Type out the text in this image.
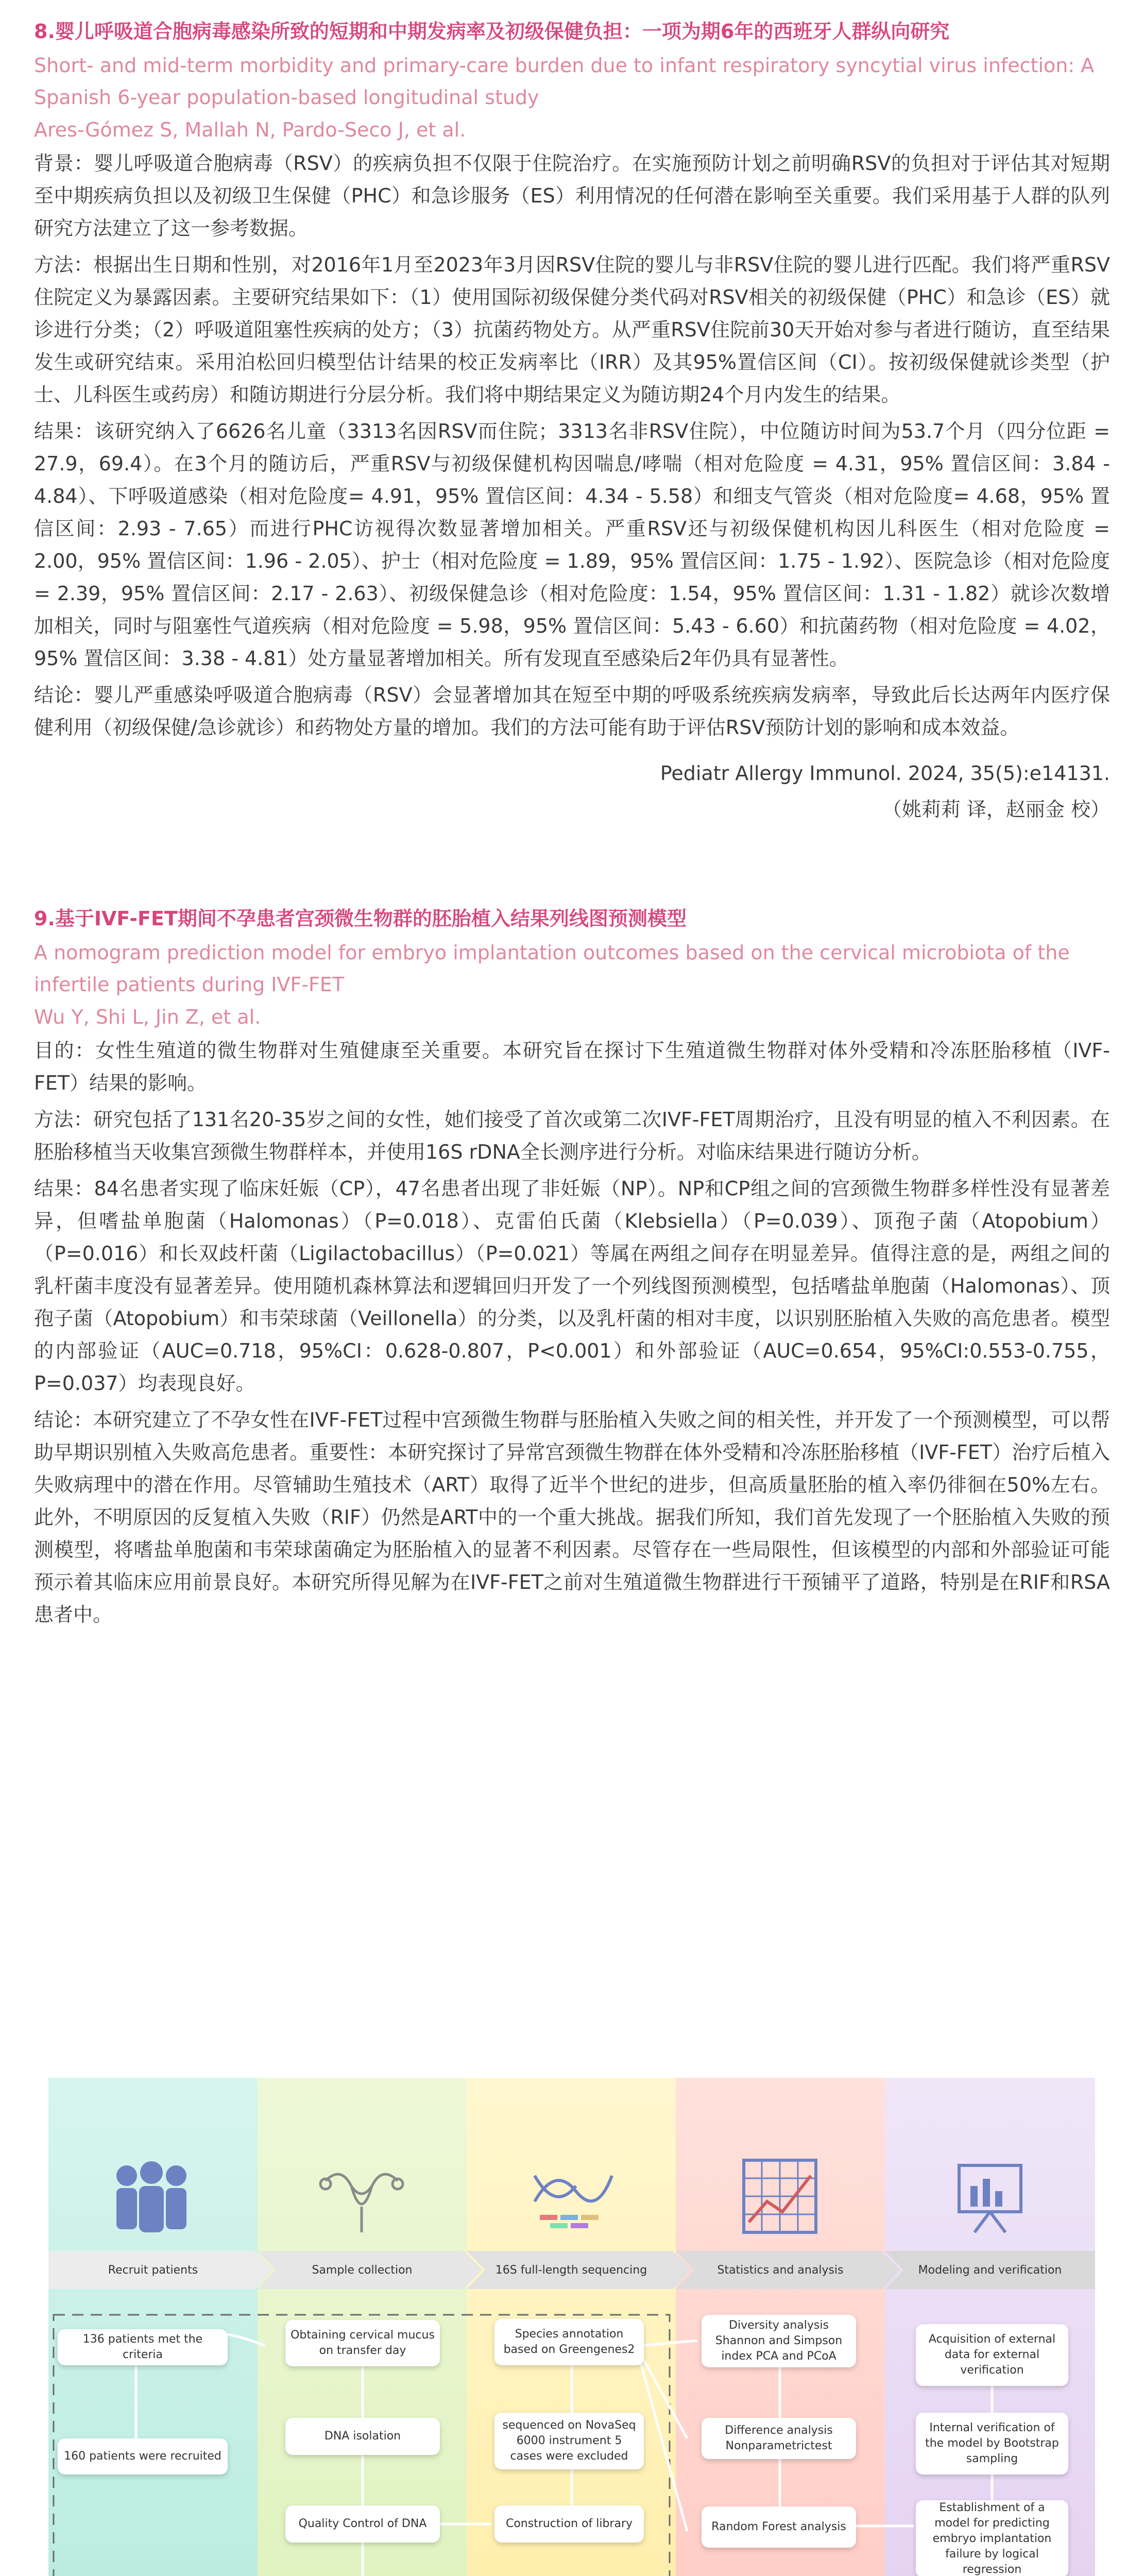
8.婴儿呼吸道合胞病毒感染所致的短期和中期发病率及初级保健负担：一项为期6年的西班牙人群纵向研究

Short- and mid-term morbidity and primary-care burden due to infant respiratory syncytial virus infection: A Spanish 6-year population-based longitudinal study

Ares-Gómez S, Mallah N, Pardo-Seco J, et al.

背景：婴儿呼吸道合胞病毒（RSV）的疾病负担不仅限于住院治疗。在实施预防计划之前明确RSV的负担对于评估其对短期至中期疾病负担以及初级卫生保健（PHC）和急诊服务（ES）利用情况的任何潜在影响至关重要。我们采用基于人群的队列研究方法建立了这一参考数据。

方法：根据出生日期和性别，对2016年1月至2023年3月因RSV住院的婴儿与非RSV住院的婴儿进行匹配。我们将严重RSV住院定义为暴露因素。主要研究结果如下：（1）使用国际初级保健分类代码对RSV相关的初级保健（PHC）和急诊（ES）就诊进行分类；（2）呼吸道阻塞性疾病的处方；（3）抗菌药物处方。从严重RSV住院前30天开始对参与者进行随访，直至结果发生或研究结束。采用泊松回归模型估计结果的校正发病率比（IRR）及其95%置信区间（CI）。按初级保健就诊类型（护士、儿科医生或药房）和随访期进行分层分析。我们将中期结果定义为随访期24个月内发生的结果。

结果：该研究纳入了6626名儿童（3313名因RSV而住院；3313名非RSV住院），中位随访时间为53.7个月（四分位距 = 27.9，69.4）。在3个月的随访后，严重RSV与初级保健机构因喘息/哮喘（相对危险度 = 4.31，95% 置信区间：3.84 - 4.84）、下呼吸道感染（相对危险度= 4.91，95% 置信区间：4.34 - 5.58）和细支气管炎（相对危险度= 4.68，95% 置信区间：2.93 - 7.65）而进行PHC访视得次数显著增加相关。严重RSV还与初级保健机构因儿科医生（相对危险度 = 2.00，95% 置信区间：1.96 - 2.05）、护士（相对危险度 = 1.89，95% 置信区间：1.75 - 1.92）、医院急诊（相对危险度 = 2.39，95% 置信区间：2.17 - 2.63）、初级保健急诊（相对危险度：1.54，95% 置信区间：1.31 - 1.82）就诊次数增加相关，同时与阻塞性气道疾病（相对危险度 = 5.98，95% 置信区间：5.43 - 6.60）和抗菌药物（相对危险度 = 4.02，95% 置信区间：3.38 - 4.81）处方量显著增加相关。所有发现直至感染后2年仍具有显著性。

结论：婴儿严重感染呼吸道合胞病毒（RSV）会显著增加其在短至中期的呼吸系统疾病发病率，导致此后长达两年内医疗保健利用（初级保健/急诊就诊）和药物处方量的增加。我们的方法可能有助于评估RSV预防计划的影响和成本效益。

Pediatr Allergy Immunol. 2024, 35(5):e14131.

（姚莉莉 译，赵丽金 校）

9.基于IVF-FET期间不孕患者宫颈微生物群的胚胎植入结果列线图预测模型

A nomogram prediction model for embryo implantation outcomes based on the cervical microbiota of the infertile patients during IVF-FET

Wu Y, Shi L, Jin Z, et al.

目的：女性生殖道的微生物群对生殖健康至关重要。本研究旨在探讨下生殖道微生物群对体外受精和冷冻胚胎移植（IVF-FET）结果的影响。

方法：研究包括了131名20-35岁之间的女性，她们接受了首次或第二次IVF-FET周期治疗，且没有明显的植入不利因素。在胚胎移植当天收集宫颈微生物群样本，并使用16S rDNA全长测序进行分析。对临床结果进行随访分析。

结果：84名患者实现了临床妊娠（CP），47名患者出现了非妊娠（NP）。NP和CP组之间的宫颈微生物群多样性没有显著差异，但嗜盐单胞菌（Halomonas）（P=0.018）、克雷伯氏菌（Klebsiella）（P=0.039）、顶孢子菌（Atopobium）（P=0.016）和长双歧杆菌（Ligilactobacillus）（P=0.021）等属在两组之间存在明显差异。值得注意的是，两组之间的乳杆菌丰度没有显著差异。使用随机森林算法和逻辑回归开发了一个列线图预测模型，包括嗜盐单胞菌（Halomonas）、顶孢子菌（Atopobium）和韦荣球菌（Veillonella）的分类，以及乳杆菌的相对丰度，以识别胚胎植入失败的高危患者。模型的内部验证（AUC=0.718，95%CI：0.628-0.807，P<0.001）和外部验证（AUC=0.654，95%CI:0.553-0.755，P=0.037）均表现良好。

结论：本研究建立了不孕女性在IVF-FET过程中宫颈微生物群与胚胎植入失败之间的相关性，并开发了一个预测模型，可以帮助早期识别植入失败高危患者。重要性：本研究探讨了异常宫颈微生物群在体外受精和冷冻胚胎移植（IVF-FET）治疗后植入失败病理中的潜在作用。尽管辅助生殖技术（ART）取得了近半个世纪的进步，但高质量胚胎的植入率仍徘徊在50%左右。此外，不明原因的反复植入失败（RIF）仍然是ART中的一个重大挑战。据我们所知，我们首先发现了一个胚胎植入失败的预测模型，将嗜盐单胞菌和韦荣球菌确定为胚胎植入的显著不利因素。尽管存在一些局限性，但该模型的内部和外部验证可能预示着其临床应用前景良好。本研究所得见解为在IVF-FET之前对生殖道微生物群进行干预铺平了道路，特别是在RIF和RSA患者中。

Recruit patients	Sample collection	16S full-length sequencing	Statistics and analysis	Modeling and verification
136 patients met the criteria
160 patients were recruited
Obtaining cervical mucus on transfer day
DNA isolation
Quality Control of DNA
Species annotation based on Greengenes2
sequenced on NovaSeq 6000 instrument 5 cases were excluded
Construction of library
Diversity analysis Shannon and Simpson index PCA and PCoA
Difference analysis Nonparametrictest
Random Forest analysis
Acquisition of external data for external verification
Internal verification of the model by Bootstrap sampling
Establishment of a model for predicting embryo implantation failure by logical regression
